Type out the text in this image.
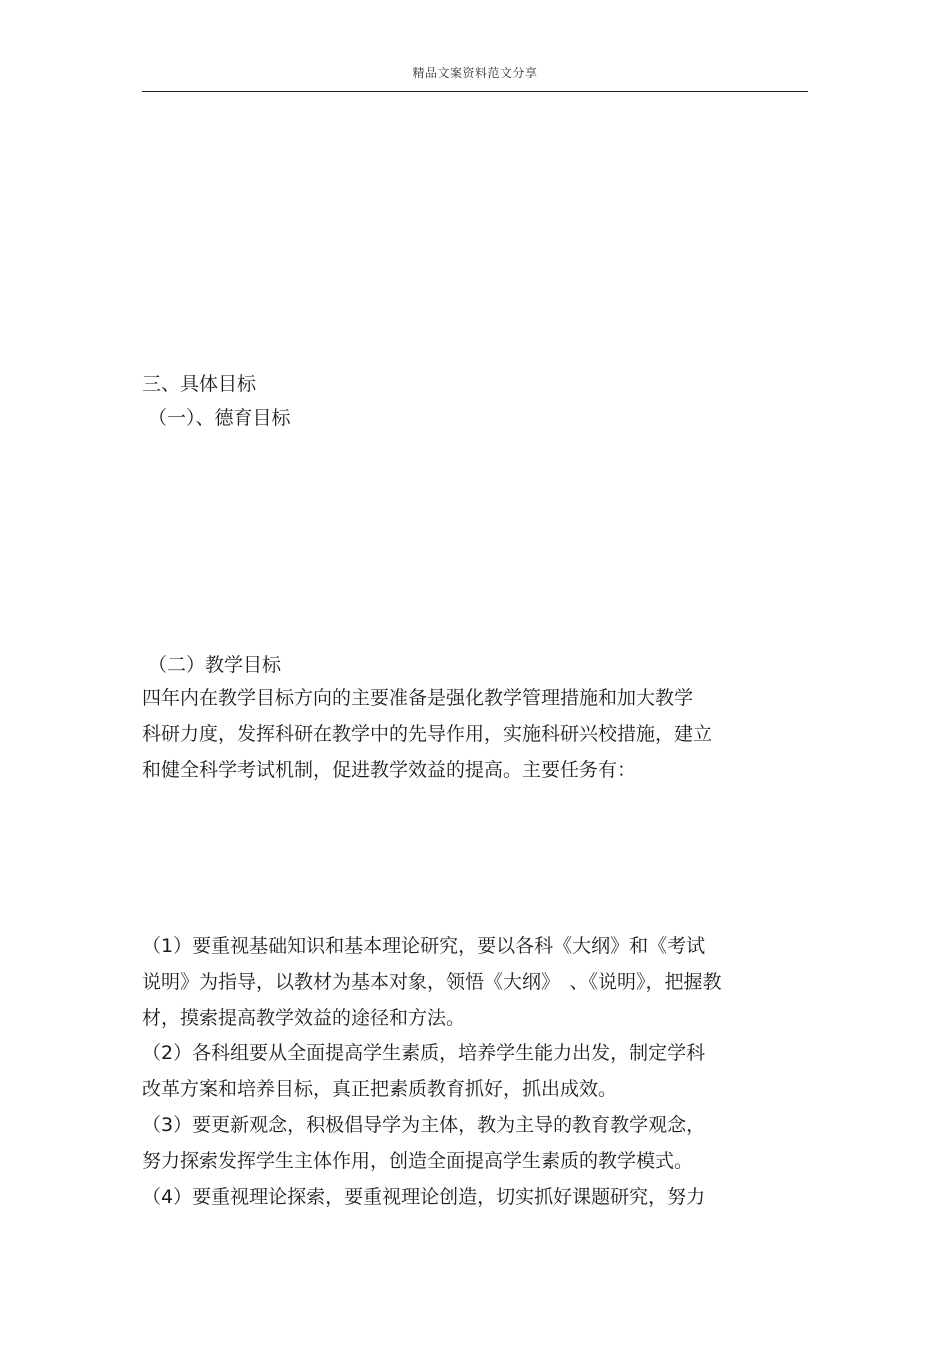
精品文案资料范文分享
三、具体目标
（一）、德育目标
（二）教学目标
四年内在教学目标方向的主要准备是强化教学管理措施和加大教学
科研力度，发挥科研在教学中的先导作用，实施科研兴校措施，建立
和健全科学考试机制，促进教学效益的提高。主要任务有：
（1）要重视基础知识和基本理论研究，要以各科《大纲》和《考试
说明》为指导，以教材为基本对象，领悟《大纲》　、《说明》，把握教
材，摸索提高教学效益的途径和方法。
（2）各科组要从全面提高学生素质，培养学生能力出发，制定学科
改革方案和培养目标，真正把素质教育抓好，抓出成效。
（3）要更新观念，积极倡导学为主体，教为主导的教育教学观念，
努力探索发挥学生主体作用，创造全面提高学生素质的教学模式。
（4）要重视理论探索，要重视理论创造，切实抓好课题研究，努力
